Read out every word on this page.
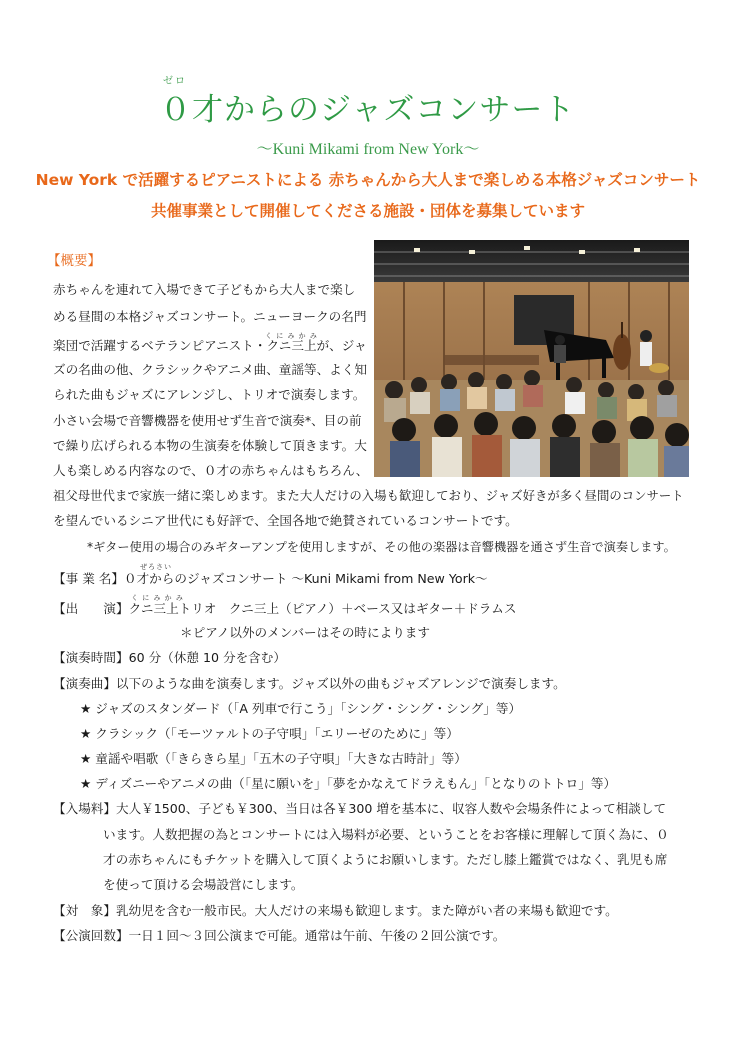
ゼロ
０才からのジャズコンサート
〜Kuni Mikami from New York〜
New York で活躍するピアニストによる 赤ちゃんから大人まで楽しめる本格ジャズコンサート
共催事業として開催してくださる施設・団体を募集しています
【概要】
く に み か み
赤ちゃんを連れて入場できて子どもから大人まで楽し
める昼間の本格ジャズコンサート。ニューヨークの名門
楽団で活躍するベテランピアニスト・クニ三上が、ジャ
ズの名曲の他、クラシックやアニメ曲、童謡等、よく知
られた曲もジャズにアレンジし、トリオで演奏します。
小さい会場で音響機器を使用せず生音で演奏*、目の前
で繰り広げられる本物の生演奏を体験して頂きます。大
人も楽しめる内容なので、０才の赤ちゃんはもちろん、
祖父母世代まで家族一緒に楽しめます。また大人だけの入場も歓迎しており、ジャズ好きが多く昼間のコンサート
を望んでいるシニア世代にも好評で、全国各地で絶賛されているコンサートです。
*ギター使用の場合のみギターアンプを使用しますが、その他の楽器は音響機器を通さず生音で演奏します。
ぜろさい
【事 業 名】０才からのジャズコンサート 〜Kuni Mikami from New York〜
く に み か み
【出　　演】クニ三上トリオ　クニ三上（ピアノ）＋ベース又はギター＋ドラムス
＊ピアノ以外のメンバーはその時によります
【演奏時間】60 分（休憩 10 分を含む）
【演奏曲】以下のような曲を演奏します。ジャズ以外の曲もジャズアレンジで演奏します。
★ ジャズのスタンダード（「A 列車で行こう」「シング・シング・シング」等）
★ クラシック（「モーツァルトの子守唄」「エリーゼのために」等）
★ 童謡や唱歌（「きらきら星」「五木の子守唄」「大きな古時計」等）
★ ディズニーやアニメの曲（「星に願いを」「夢をかなえてドラえもん」「となりのトトロ」等）
【入場料】大人￥1500、子ども￥300、当日は各￥300 増を基本に、収容人数や会場条件によって相談して
います。人数把握の為とコンサートには入場料が必要、ということをお客様に理解して頂く為に、０
才の赤ちゃんにもチケットを購入して頂くようにお願いします。ただし膝上鑑賞ではなく、乳児も席
を使って頂ける会場設営にします。
【対　象】乳幼児を含む一般市民。大人だけの来場も歓迎します。また障がい者の来場も歓迎です。
【公演回数】一日１回〜３回公演まで可能。通常は午前、午後の２回公演です。
